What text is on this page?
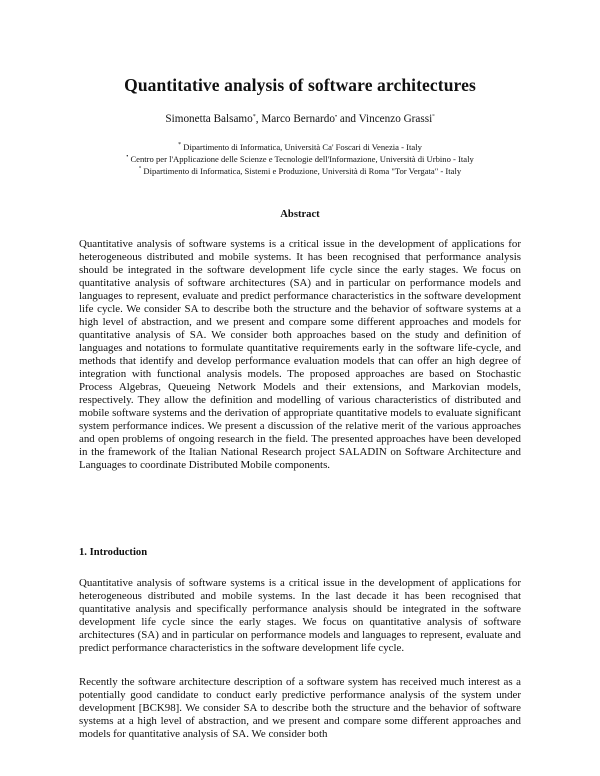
Quantitative analysis of software architectures
Simonetta Balsamo*, Marco Bernardo• and Vincenzo Grassi°
* Dipartimento di Informatica, Università Ca' Foscari di Venezia - Italy
• Centro per l'Applicazione delle Scienze e Tecnologie dell'Informazione, Università di Urbino - Italy
° Dipartimento di Informatica, Sistemi e Produzione, Università di Roma "Tor Vergata" - Italy
Abstract
Quantitative analysis of software systems is a critical issue in the development of applications for heterogeneous distributed and mobile systems. It has been recognised that performance analysis should be integrated in the software development life cycle since the early stages. We focus on quantitative analysis of software architectures (SA) and in particular on performance models and languages to represent, evaluate and predict performance characteristics in the software development life cycle. We consider SA to describe both the structure and the behavior of software systems at a high level of abstraction, and we present and compare some different approaches and models for quantitative analysis of SA. We consider both approaches based on the study and definition of languages and notations to formulate quantitative requirements early in the software life-cycle, and methods that identify and develop performance evaluation models that can offer an high degree of integration with functional analysis models. The proposed approaches are based on Stochastic Process Algebras, Queueing Network Models and their extensions, and Markovian models, respectively. They allow the definition and modelling of various characteristics of distributed and mobile software systems and the derivation of appropriate quantitative models to evaluate significant system performance indices. We present a discussion of the relative merit of the various approaches and open problems of ongoing research in the field. The presented approaches have been developed in the framework of the Italian National Research project SALADIN on Software Architecture and Languages to coordinate Distributed Mobile components.
1. Introduction
Quantitative analysis of software systems is a critical issue in the development of applications for heterogeneous distributed and mobile systems. In the last decade it has been recognised that quantitative analysis and specifically performance analysis should be integrated in the software development life cycle since the early stages. We focus on quantitative analysis of software architectures (SA) and in particular on performance models and languages to represent, evaluate and predict performance characteristics in the software development life cycle.
Recently the software architecture description of a software system has received much interest as a potentially good candidate to conduct early predictive performance analysis of the system under development [BCK98]. We consider SA to describe both the structure and the behavior of software systems at a high level of abstraction, and we present and compare some different approaches and models for quantitative analysis of SA. We consider both
